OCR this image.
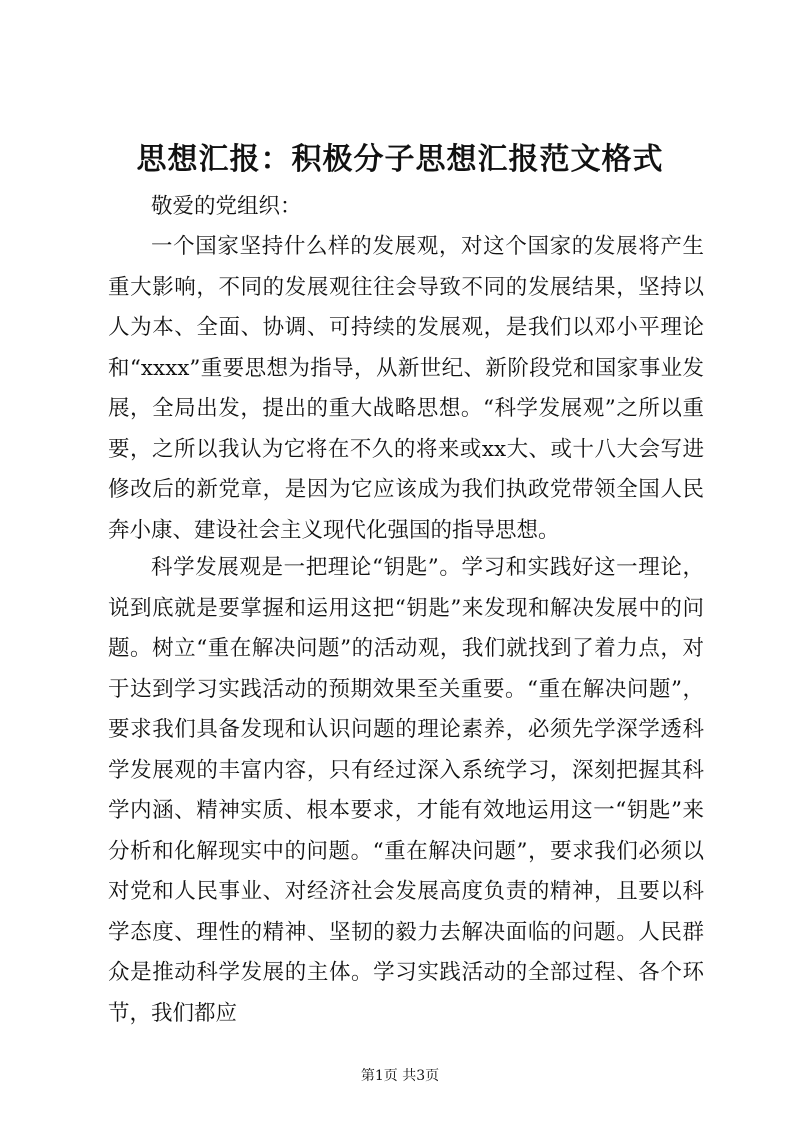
思想汇报：积极分子思想汇报范文格式

敬爱的党组织：

一个国家坚持什么样的发展观，对这个国家的发展将产生重大影响，不同的发展观往往会导致不同的发展结果，坚持以人为本、全面、协调、可持续的发展观，是我们以邓小平理论和“xxxx”重要思想为指导，从新世纪、新阶段党和国家事业发展，全局出发，提出的重大战略思想。“科学发展观”之所以重要，之所以我认为它将在不久的将来或xx大、或十八大会写进修改后的新党章，是因为它应该成为我们执政党带领全国人民奔小康、建设社会主义现代化强国的指导思想。

科学发展观是一把理论“钥匙”。学习和实践好这一理论，说到底就是要掌握和运用这把“钥匙”来发现和解决发展中的问题。树立“重在解决问题”的活动观，我们就找到了着力点，对于达到学习实践活动的预期效果至关重要。“重在解决问题”，要求我们具备发现和认识问题的理论素养，必须先学深学透科学发展观的丰富内容，只有经过深入系统学习，深刻把握其科学内涵、精神实质、根本要求，才能有效地运用这一“钥匙”来分析和化解现实中的问题。“重在解决问题”，要求我们必须以对党和人民事业、对经济社会发展高度负责的精神，且要以科学态度、理性的精神、坚韧的毅力去解决面临的问题。人民群众是推动科学发展的主体。学习实践活动的全部过程、各个环节，我们都应

第1页 共3页
